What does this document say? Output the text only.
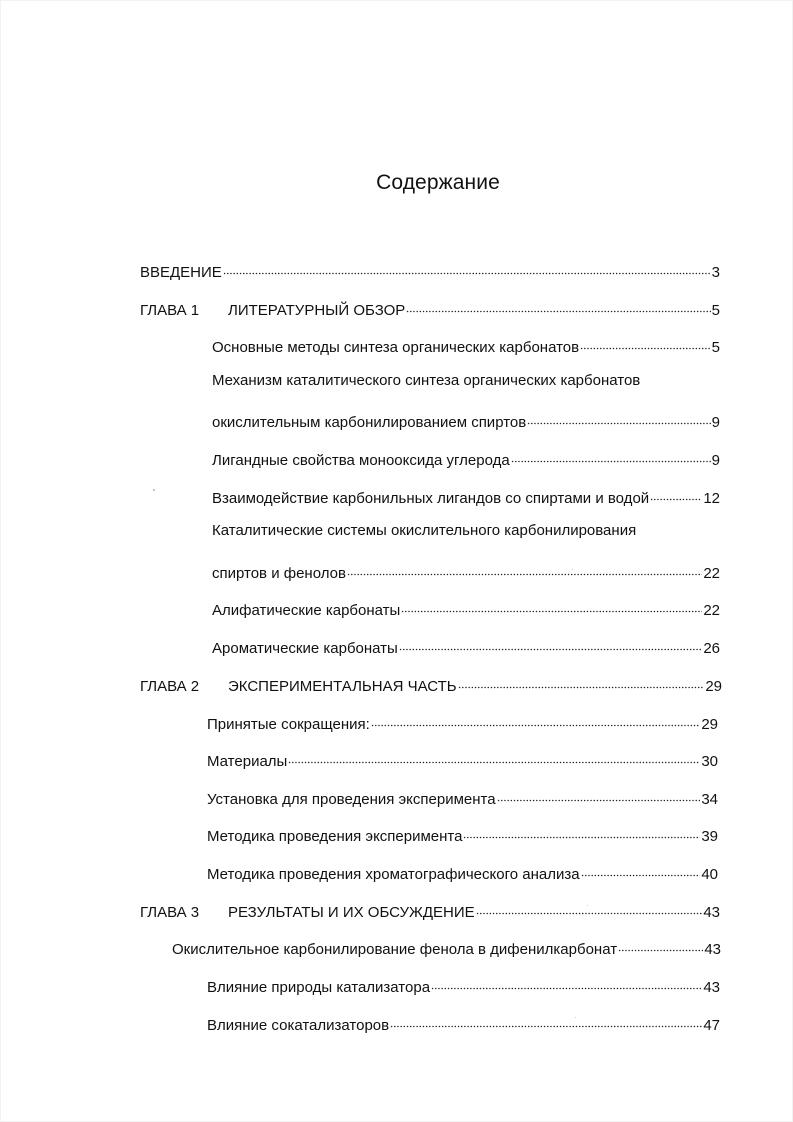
Содержание
ВВЕДЕНИЕ	3
ГЛАВА 1	ЛИТЕРАТУРНЫЙ ОБЗОР	5
Основные методы синтеза органических карбонатов	5
Механизм каталитического синтеза органических карбонатов
окислительным карбонилированием спиртов	9
Лигандные свойства монооксида углерода	9
Взаимодействие карбонильных лигандов со спиртами и водой	12
Каталитические системы окислительного карбонилирования
спиртов и фенолов	22
Алифатические карбонаты	22
Ароматические карбонаты	26
ГЛАВА 2	ЭКСПЕРИМЕНТАЛЬНАЯ ЧАСТЬ	29
Принятые сокращения:	29
Материалы	30
Установка для проведения эксперимента	34
Методика проведения эксперимента	39
Методика проведения хроматографического анализа	40
ГЛАВА 3	РЕЗУЛЬТАТЫ И ИХ ОБСУЖДЕНИЕ	43
Окислительное карбонилирование фенола в дифенилкарбонат	43
Влияние природы катализатора	43
Влияние сокатализаторов	47
